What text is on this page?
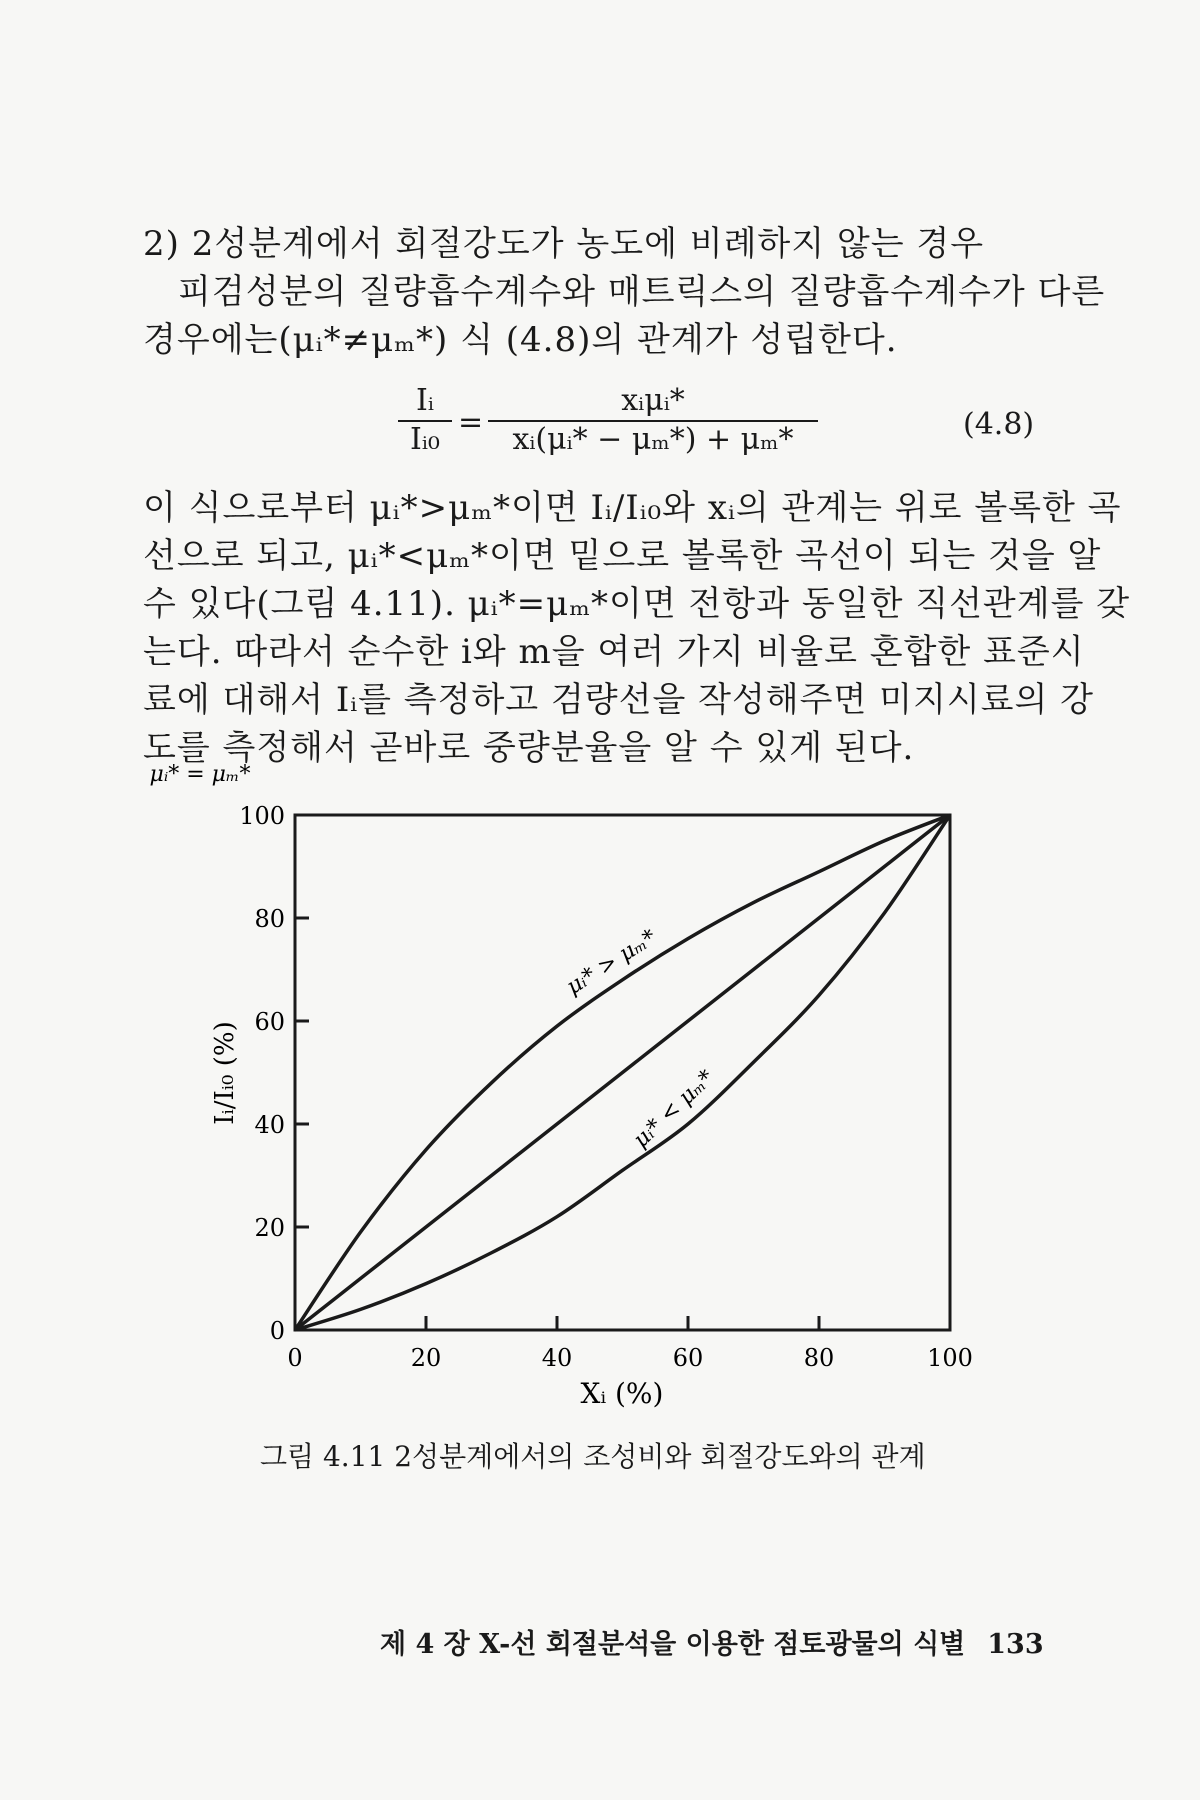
2) 2성분계에서 회절강도가 농도에 비례하지 않는 경우
피검성분의 질량흡수계수와 매트릭스의 질량흡수계수가 다른
경우에는(μᵢ*≠μₘ*) 식 (4.8)의 관계가 성립한다.
$\frac{\text{Iᵢ}}{\text{Iᵢ₀}}$ =
xᵢμᵢ*
xᵢ(μᵢ* − μₘ*) + μₘ*	(4.8)
이 식으로부터 μᵢ*>μₘ*이면 Iᵢ/Iᵢ₀와 xᵢ의 관계는 위로 볼록한 곡
선으로 되고, μᵢ*<μₘ*이면 밑으로 볼록한 곡선이 되는 것을 알
수 있다(그림 4.11). μᵢ*=μₘ*이면 전항과 동일한 직선관계를 갖
는다. 따라서 순수한 i와 m을 여러 가지 비율로 혼합한 표준시
료에 대해서 Iᵢ를 측정하고 검량선을 작성해주면 미지시료의 강
도를 측정해서 곧바로 중량분율을 알 수 있게 된다.
0	20	40	60	80	100
0
20
40
60
80
100
μᵢ* > μₘ*
μᵢ* = μₘ*
μᵢ* < μₘ*
Xᵢ (%)
Iᵢ/Iᵢ₀ (%)
그림 4.11 2성분계에서의 조성비와 회절강도와의 관계
제 4 장 X-선 회절분석을 이용한 점토광물의 식별 133
